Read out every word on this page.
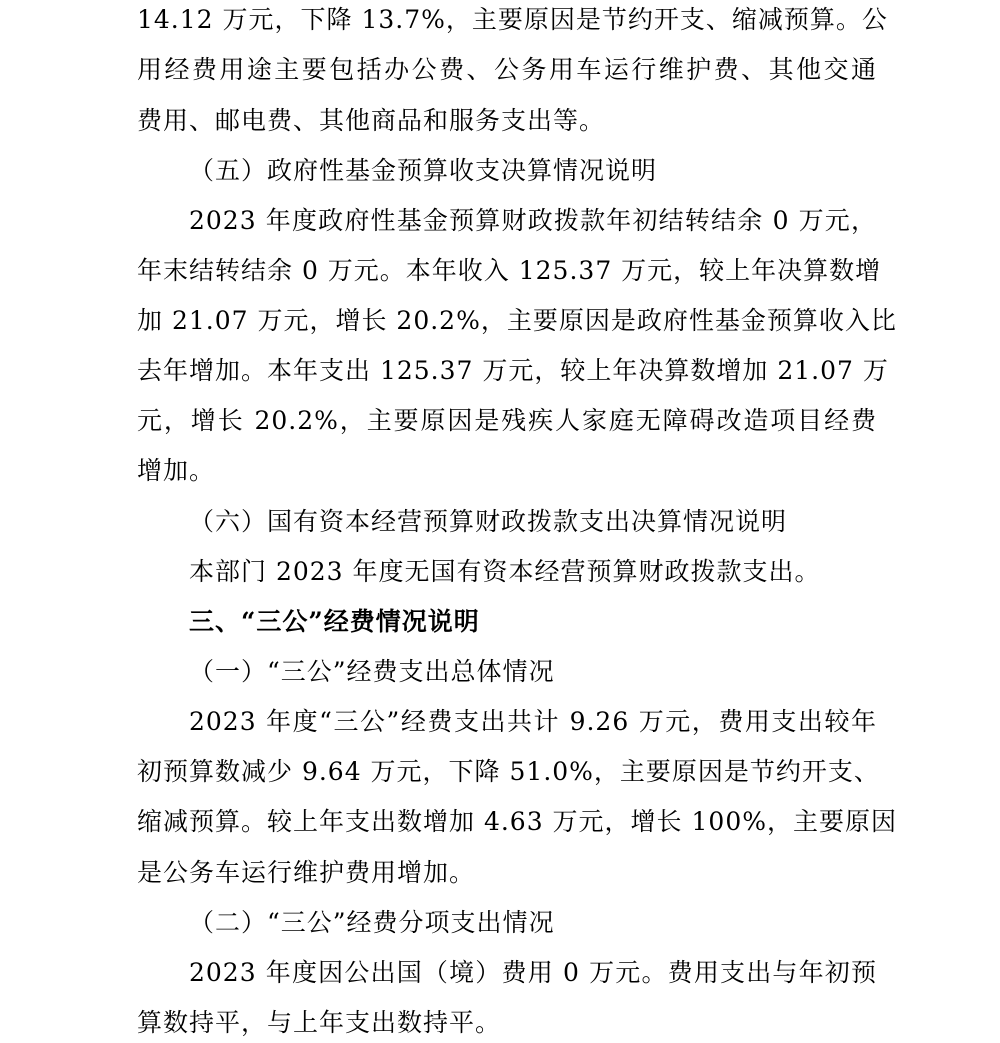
14.12 万元，下降 13.7%，主要原因是节约开支、缩减预算。公
用经费用途主要包括办公费、公务用车运行维护费、其他交通
费用、邮电费、其他商品和服务支出等。
（五）政府性基金预算收支决算情况说明
2023 年度政府性基金预算财政拨款年初结转结余 0 万元，
年末结转结余 0 万元。本年收入 125.37 万元，较上年决算数增
加 21.07 万元，增长 20.2%，主要原因是政府性基金预算收入比
去年增加。本年支出 125.37 万元，较上年决算数增加 21.07 万
元，增长 20.2%，主要原因是残疾人家庭无障碍改造项目经费
增加。
（六）国有资本经营预算财政拨款支出决算情况说明
本部门 2023 年度无国有资本经营预算财政拨款支出。
三、“三公”经费情况说明
（一）“三公”经费支出总体情况
2023 年度“三公”经费支出共计 9.26 万元，费用支出较年
初预算数减少 9.64 万元，下降 51.0%，主要原因是节约开支、
缩减预算。较上年支出数增加 4.63 万元，增长 100%，主要原因
是公务车运行维护费用增加。
（二）“三公”经费分项支出情况
2023 年度因公出国（境）费用 0 万元。费用支出与年初预
算数持平，与上年支出数持平。
